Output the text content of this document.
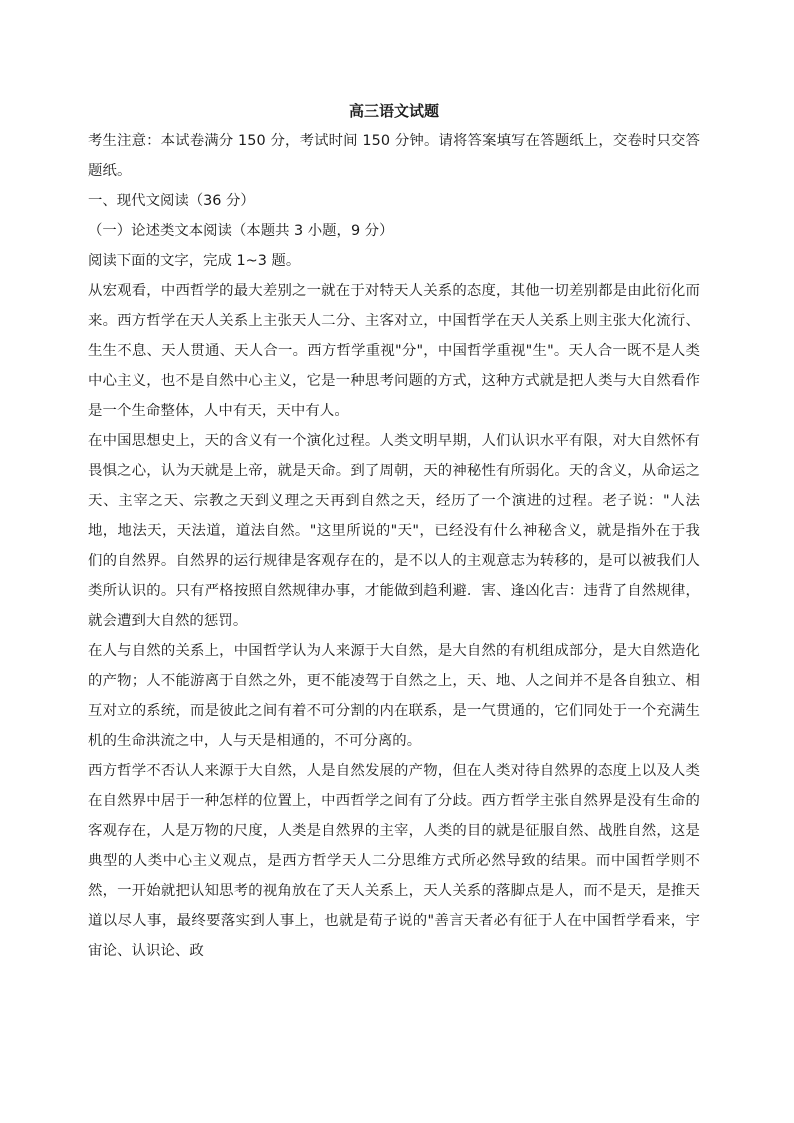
高三语文试题

考生注意：本试卷满分 150 分，考试时间 150 分钟。请将答案填写在答题纸上，交卷时只交答题纸。

一、现代文阅读（36 分）

（一）论述类文本阅读（本题共 3 小题，9 分）

阅读下面的文字，完成 1~3 题。

从宏观看，中西哲学的最大差别之一就在于对特天人关系的态度，其他一切差别都是由此衍化而来。西方哲学在天人关系上主张天人二分、主客对立，中国哲学在天人关系上则主张大化流行、生生不息、天人贯通、天人合一。西方哲学重视"分"，中国哲学重视"生"。天人合一既不是人类中心主义，也不是自然中心主义，它是一种思考问题的方式，这种方式就是把人类与大自然看作是一个生命整体，人中有天，天中有人。

在中国思想史上，天的含义有一个演化过程。人类文明早期，人们认识水平有限，对大自然怀有畏惧之心，认为天就是上帝，就是天命。到了周朝，天的神秘性有所弱化。天的含义，从命运之天、主宰之天、宗教之天到义理之天再到自然之天，经历了一个演进的过程。老子说："人法地，地法天，天法道，道法自然。"这里所说的"天"，已经没有什么神秘含义，就是指外在于我们的自然界。自然界的运行规律是客观存在的，是不以人的主观意志为转移的，是可以被我们人类所认识的。只有严格按照自然规律办事，才能做到趋利避．害、逢凶化吉：违背了自然规律，就会遭到大自然的惩罚。

在人与自然的关系上，中国哲学认为人来源于大自然，是大自然的有机组成部分，是大自然造化的产物；人不能游离于自然之外，更不能凌驾于自然之上，天、地、人之间并不是各自独立、相互对立的系统，而是彼此之间有着不可分割的内在联系，是一气贯通的，它们同处于一个充满生机的生命洪流之中，人与天是相通的，不可分离的。

西方哲学不否认人来源于大自然，人是自然发展的产物，但在人类对待自然界的态度上以及人类在自然界中居于一种怎样的位置上，中西哲学之间有了分歧。西方哲学主张自然界是没有生命的客观存在，人是万物的尺度，人类是自然界的主宰，人类的目的就是征服自然、战胜自然，这是典型的人类中心主义观点，是西方哲学天人二分思维方式所必然导致的结果。而中国哲学则不然，一开始就把认知思考的视角放在了天人关系上，天人关系的落脚点是人，而不是天，是推天道以尽人事，最终要落实到人事上，也就是荀子说的"善言天者必有征于人在中国哲学看来，宇宙论、认识论、政
